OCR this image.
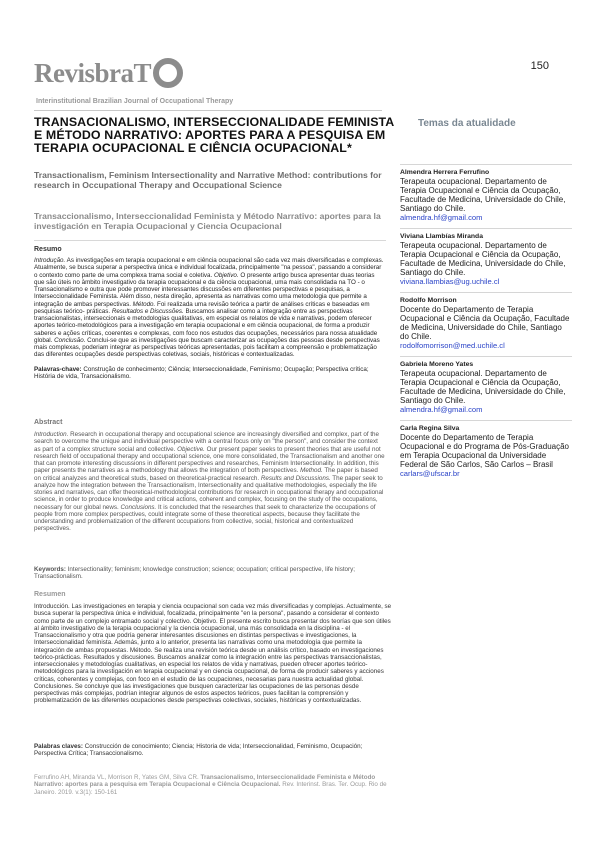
150
RevisbraT
Interinstitutional Brazilian Journal of Occupational Therapy
Temas da atualidade
TRANSACIONALISMO, INTERSECCIONALIDADE FEMINISTA E MÉTODO NARRATIVO: APORTES PARA A PESQUISA EM TERAPIA OCUPACIONAL E CIÊNCIA OCUPACIONAL*
Transactionalism, Feminism Intersectionality and Narrative Method: contributions for research in Occupational Therapy and Occupational Science
Transaccionalismo, Interseccionalidad Feminista y Método Narrativo: aportes para la investigación en Terapia Ocupacional y Ciencia Ocupacional
Resumo
Introdução. As investigações em terapia ocupacional e em ciência ocupacional são cada vez mais diversificadas e complexas. Atualmente, se busca superar a perspectiva única e individual focalizada, principalmente "na pessoa", passando a considerar o contexto como parte de uma complexa trama social e coletiva. Objetivo. O presente artigo busca apresentar duas teorias que são úteis no âmbito investigativo da terapia ocupacional e da ciência ocupacional, uma mais consolidada na TO - o Transacionalismo e outra que pode promover interessantes discussões em diferentes perspectivas e pesquisas, a Interseccionalidade Feminista. Além disso, nesta direção, apresenta as narrativas como uma metodologia que permite a integração de ambas perspectivas. Método. Foi realizada uma revisão teórica a partir de análises críticas e baseadas em pesquisas teórico- práticas. Resultados e Discussões. Buscamos analisar como a integração entre as perspectivas transacionalistas, interseccionais e metodologias qualitativas, em especial os relatos de vida e narrativas, podem oferecer aportes teórico-metodológicos para a investigação em terapia ocupacional e em ciência ocupacional, de forma a produzir saberes e ações críticas, coerentes e complexas, com foco nos estudos das ocupações, necessários para nossa atualidade global. Conclusão. Conclui-se que as investigações que buscam caracterizar as ocupações das pessoas desde perspectivas mais complexas, poderiam integrar as perspectivas teóricas apresentadas, pois facilitam a compreensão e problematização das diferentes ocupações desde perspectivas coletivas, sociais, históricas e contextualizadas.
Palavras-chave: Construção de conhecimento; Ciência; Interseccionalidade, Feminismo; Ocupação; Perspectiva crítica; História de vida, Transacionalismo.
Abstract
Introduction. Research in occupational therapy and occupational science are increasingly diversified and complex, part of the search to overcome the unique and individual perspective with a central focus only on "the person", and consider the context as part of a complex structure social and collective. Objective. Our present paper seeks to present theories that are useful not research field of occupational therapy and occupational science, one more consolidated, the Transactionalism and another one that can promote interesting discussions in different perspectives and researches, Feminism Intersectionality. In addition, this paper presents the narratives as a methodology that allows the integration of both perspectives. Method. The paper is based on critical analyzes and theoretical studs, based on theoretical-practical research. Results and Discussions. The paper seek to analyze how the integration between the Transactionalism, Intersectionality and qualitative methodologies, especially the life stories and narratives, can offer theoretical-methodological contributions for research in occupational therapy and occupational science, in order to produce knowledge and critical actions, coherent and complex, focusing on the study of the occupations, necessary for our global news. Conclusions. It is concluded that the researches that seek to characterize the occupations of people from more complex perspectives, could integrate some of these theoretical aspects, because they facilitate the understanding and problematization of the different occupations from collective, social, historical and contextualized perspectives.
Keywords: Intersectionality; feminism; knowledge construction; science; occupation; critical perspective, life history; Transactionalism.
Resumen
Introducción. Las investigaciones en terapia y ciencia ocupacional son cada vez más diversificadas y complejas. Actualmente, se busca superar la perspectiva única e individual, focalizada, principalmente "en la persona", pasando a considerar el contexto como parte de un complejo entramado social y colectivo. Objetivo. El presente escrito busca presentar dos teorías que son útiles al ámbito investigativo de la terapia ocupacional y la ciencia ocupacional, una más consolidada en la disciplina - el Transaccionalismo y otra que podría generar interesantes discusiones en distintas perspectivas e investigaciones, la Interseccionalidad feminista. Además, junto a lo anterior, presenta las narrativas como una metodología que permite la integración de ambas propuestas. Método. Se realiza una revisión teórica desde un análisis crítico, basado en investigaciones teórico-prácticas. Resultados y discusiones. Buscamos analizar como la integración entre las perspectivas transaccionalistas, interseccionales y metodologías cualitativas, en especial los relatos de vida y narrativas, pueden ofrecer aportes teórico-metodológicos para la investigación en terapia ocupacional y en ciencia ocupacional, de forma de producir saberes y acciones críticas, coherentes y complejas, con foco en el estudio de las ocupaciones, necesarias para nuestra actualidad global. Conclusiones. Se concluye que las investigaciones que busquen caracterizar las ocupaciones de las personas desde perspectivas más complejas, podrían integrar algunos de estos aspectos teóricos, pues facilitan la comprensión y problematización de las diferentes ocupaciones desde perspectivas colectivas, sociales, históricas y contextualizadas.
Palabras claves: Construcción de conocimiento; Ciencia; Historia de vida; Interseccionalidad, Feminismo, Ocupación; Perspectiva Crítica; Transaccionalismo.
Ferrufino AH, Miranda VL, Morrison R, Yates GM, Silva CR. Transacionalismo, Interseccionalidade Feminista e Método Narrativo: aportes para a pesquisa em Terapia Ocupacional e Ciência Ocupacional. Rev. Interinst. Bras. Ter. Ocup. Rio de Janeiro. 2019. v.3(1): 150-161
Almendra Herrera Ferrufino
Terapeuta ocupacional. Departamento de Terapia Ocupacional e Ciência da Ocupação, Facultade de Medicina, Universidade do Chile, Santiago do Chile.
almendra.hf@gmail.com
Viviana Llambías Miranda
Terapeuta ocupacional. Departamento de Terapia Ocupacional e Ciência da Ocupação, Facultade de Medicina, Universidade do Chile, Santiago do Chile.
viviana.llambias@ug.uchile.cl
Rodolfo Morrison
Docente do Departamento de Terapia Ocupacional e Ciência da Ocupação, Facultade de Medicina, Universidade do Chile, Santiago do Chile.
rodolfomorrison@med.uchile.cl
Gabriela Moreno Yates
Terapeuta ocupacional. Departamento de Terapia Ocupacional e Ciência da Ocupação, Facultade de Medicina, Universidade do Chile, Santiago do Chile.
almendra.hf@gmail.com
Carla Regina Silva
Docente do Departamento de Terapia Ocupacional e do Programa de Pós-Graduação em Terapia Ocupacional da Universidade Federal de São Carlos, São Carlos – Brasil
carlars@ufscar.br
